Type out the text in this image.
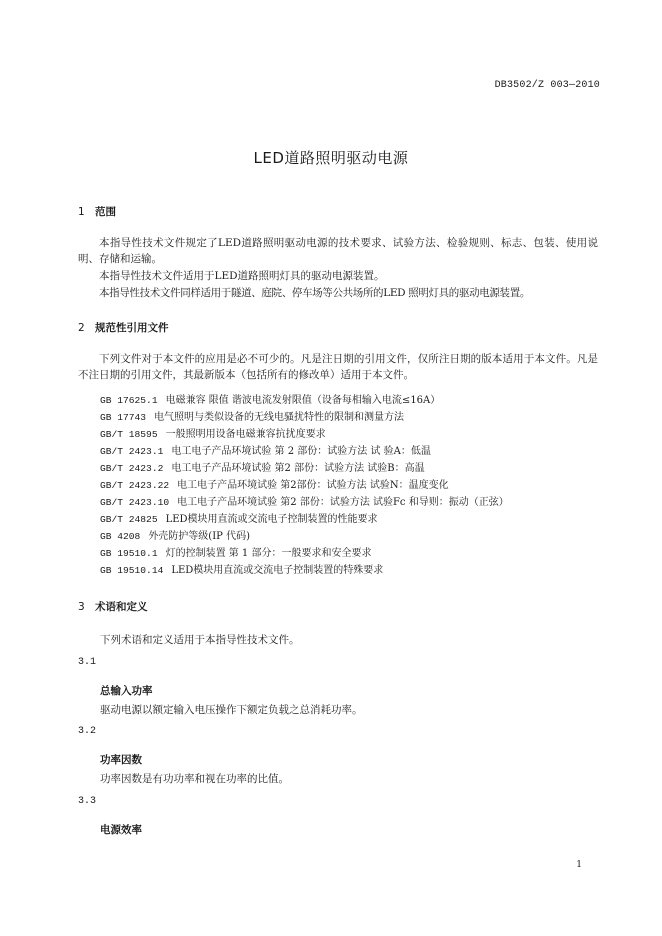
DB3502/Z 003—2010
LED道路照明驱动电源
1 范围
本指导性技术文件规定了LED道路照明驱动电源的技术要求、试验方法、检验规则、标志、包装、使用说明、存储和运输。
本指导性技术文件适用于LED道路照明灯具的驱动电源装置。
本指导性技术文件同样适用于隧道、庭院、停车场等公共场所的LED 照明灯具的驱动电源装置。
2 规范性引用文件
下列文件对于本文件的应用是必不可少的。凡是注日期的引用文件，仅所注日期的版本适用于本文件。凡是不注日期的引用文件，其最新版本（包括所有的修改单）适用于本文件。
GB 17625.1 电磁兼容 限值 谐波电流发射限值（设备每相输入电流≤16A）
GB 17743 电气照明与类似设备的无线电骚扰特性的限制和测量方法
GB/T 18595 一般照明用设备电磁兼容抗扰度要求
GB/T 2423.1 电工电子产品环境试验 第 2 部份：试验方法 试 验A：低温
GB/T 2423.2 电工电子产品环境试验 第2 部份：试验方法 试验B：高温
GB/T 2423.22 电工电子产品环境试验 第2部份：试验方法 试验N：温度变化
GB/T 2423.10 电工电子产品环境试验 第2 部份：试验方法 试验Fc 和导则：振动（正弦）
GB/T 24825 LED模块用直流或交流电子控制装置的性能要求
GB 4208 外壳防护等级(IP 代码)
GB 19510.1 灯的控制装置 第 1 部分：一般要求和安全要求
GB 19510.14 LED模块用直流或交流电子控制装置的特殊要求
3 术语和定义
下列术语和定义适用于本指导性技术文件。
3.1
总输入功率
驱动电源以额定输入电压操作下额定负载之总消耗功率。
3.2
功率因数
功率因数是有功功率和视在功率的比值。
3.3
电源效率
1
